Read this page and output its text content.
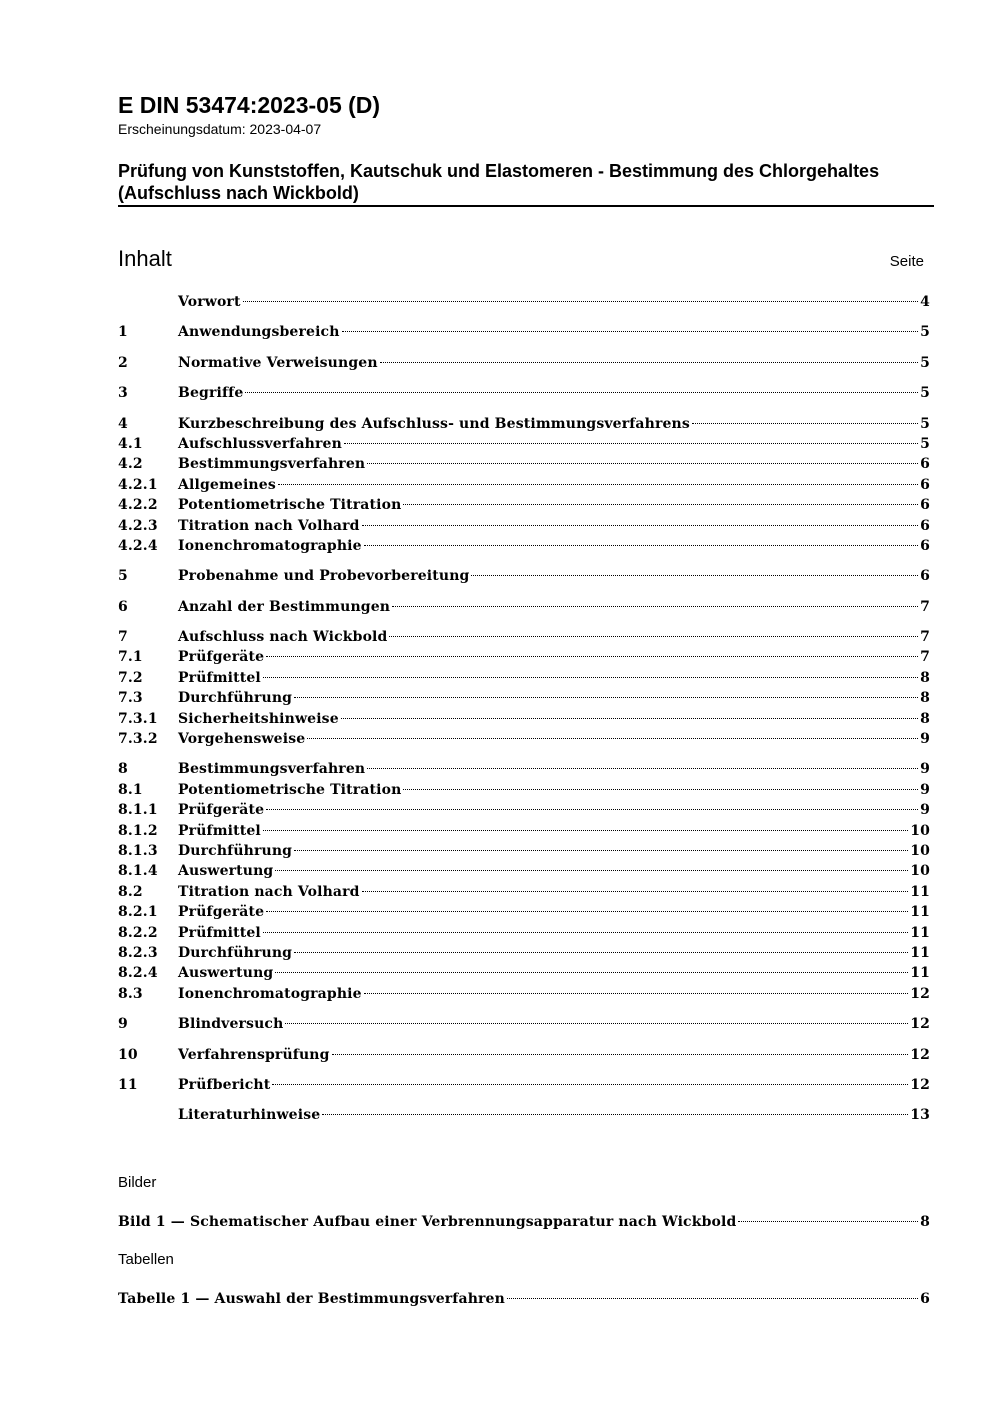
E DIN 53474:2023-05 (D)
Erscheinungsdatum: 2023-04-07
Prüfung von Kunststoffen, Kautschuk und Elastomeren - Bestimmung des Chlorgehaltes (Aufschluss nach Wickbold)
Inhalt	Seite
Vorwort	4
1	Anwendungsbereich	5
2	Normative Verweisungen	5
3	Begriffe	5
4	Kurzbeschreibung des Aufschluss- und Bestimmungsverfahrens	5
4.1	Aufschlussverfahren	5
4.2	Bestimmungsverfahren	6
4.2.1	Allgemeines	6
4.2.2	Potentiometrische Titration	6
4.2.3	Titration nach Volhard	6
4.2.4	Ionenchromatographie	6
5	Probenahme und Probevorbereitung	6
6	Anzahl der Bestimmungen	7
7	Aufschluss nach Wickbold	7
7.1	Prüfgeräte	7
7.2	Prüfmittel	8
7.3	Durchführung	8
7.3.1	Sicherheitshinweise	8
7.3.2	Vorgehensweise	9
8	Bestimmungsverfahren	9
8.1	Potentiometrische Titration	9
8.1.1	Prüfgeräte	9
8.1.2	Prüfmittel	10
8.1.3	Durchführung	10
8.1.4	Auswertung	10
8.2	Titration nach Volhard	11
8.2.1	Prüfgeräte	11
8.2.2	Prüfmittel	11
8.2.3	Durchführung	11
8.2.4	Auswertung	11
8.3	Ionenchromatographie	12
9	Blindversuch	12
10	Verfahrensprüfung	12
11	Prüfbericht	12
Literaturhinweise	13
Bilder
Bild 1 — Schematischer Aufbau einer Verbrennungsapparatur nach Wickbold	8
Tabellen
Tabelle 1 — Auswahl der Bestimmungsverfahren	6
